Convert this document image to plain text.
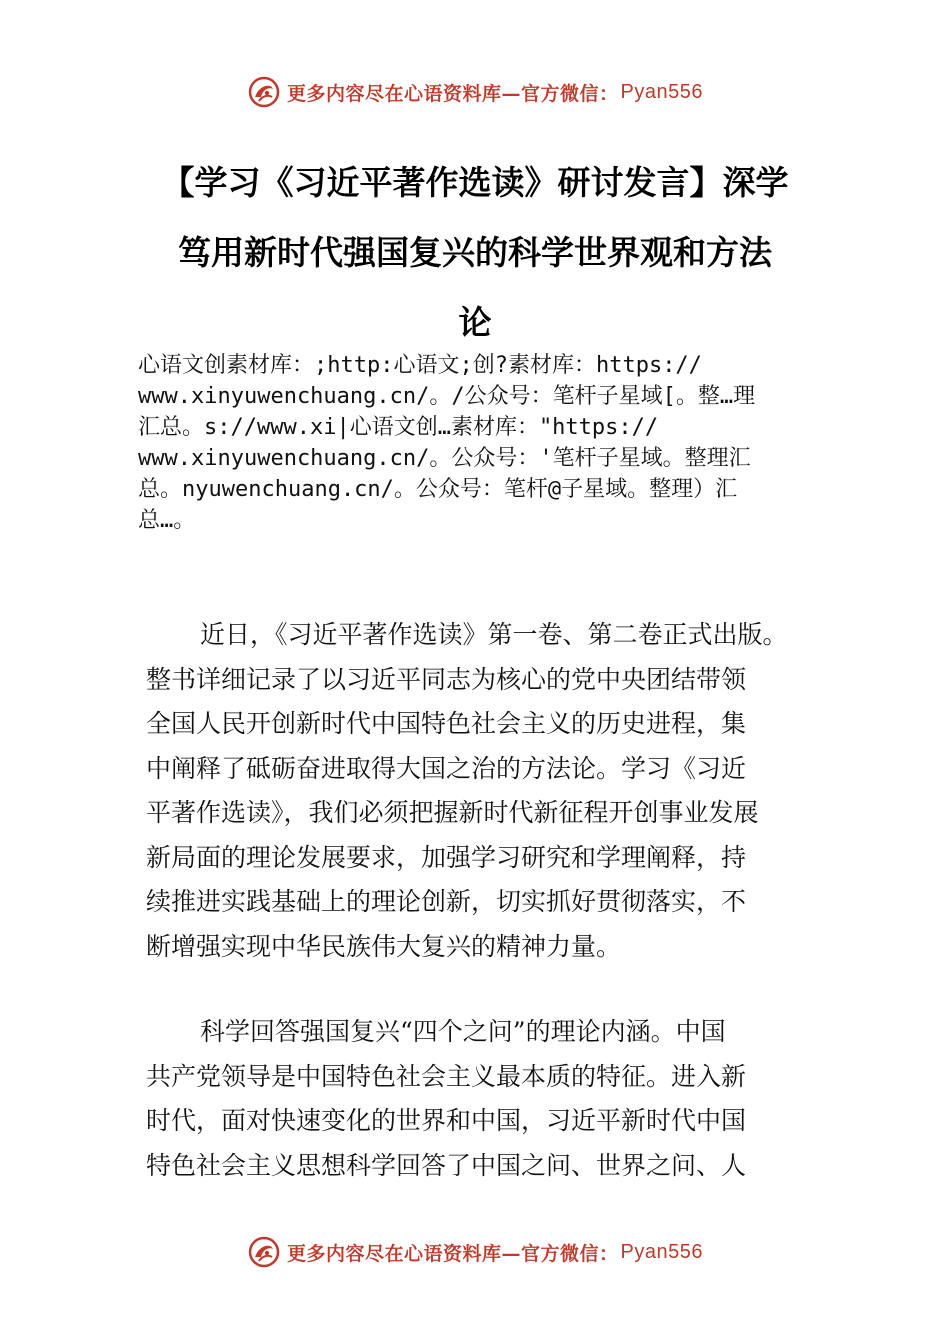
更多内容尽在心语资料库—官方微信： Pyan556
【学习《习近平著作选读》研讨发言】深学
笃用新时代强国复兴的科学世界观和方法
论
心语文创素材库：;http:心语文;创?素材库：https://
www.xinyuwenchuang.cn/。/公众号：笔杆子星域[。整…理
汇总。s://www.xi|心语文创…素材库："https://
www.xinyuwenchuang.cn/。公众号：'笔杆子星域。整理汇
总。nyuwenchuang.cn/。公众号：笔杆@子星域。整理）汇
总…。
近日，《习近平著作选读》第一卷、第二卷正式出版。
整书详细记录了以习近平同志为核心的党中央团结带领
全国人民开创新时代中国特色社会主义的历史进程，集
中阐释了砥砺奋进取得大国之治的方法论。学习《习近
平著作选读》，我们必须把握新时代新征程开创事业发展
新局面的理论发展要求，加强学习研究和学理阐释，持
续推进实践基础上的理论创新，切实抓好贯彻落实，不
断增强实现中华民族伟大复兴的精神力量。
科学回答强国复兴“四个之问”的理论内涵。中国
共产党领导是中国特色社会主义最本质的特征。进入新
时代，面对快速变化的世界和中国，习近平新时代中国
特色社会主义思想科学回答了中国之问、世界之问、人
更多内容尽在心语资料库—官方微信： Pyan556
